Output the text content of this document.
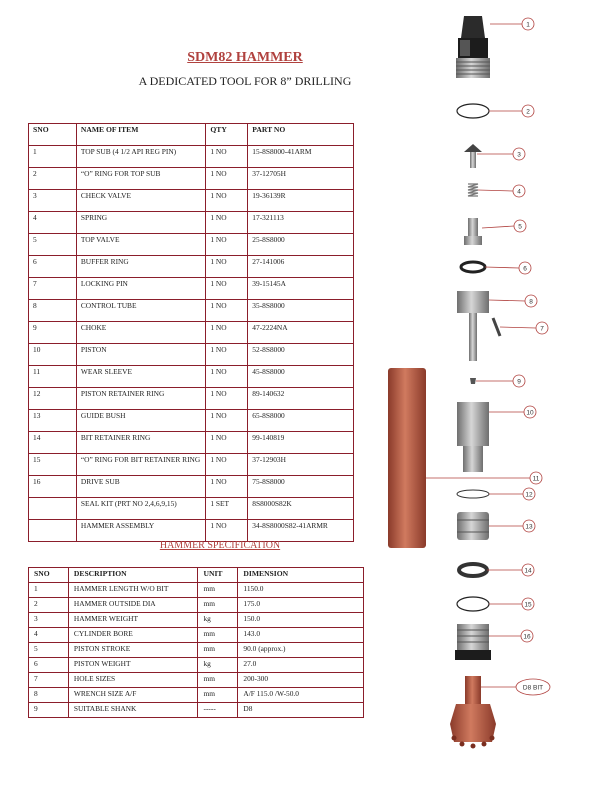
SDM82 HAMMER
A DEDICATED TOOL FOR 8” DRILLING
SNO	NAME OF ITEM	QTY	PART NO
1	TOP SUB (4 1/2 API REG PIN)	1 NO	15-8S8000-41ARM
2	“O” RING FOR TOP SUB	1 NO	37-12705H
3	CHECK VALVE	1 NO	19-36139R
4	SPRING	1 NO	17-321113
5	TOP VALVE	1 NO	25-8S8000
6	BUFFER RING	1 NO	27-141006
7	LOCKING PIN	1 NO	39-15145A
8	CONTROL TUBE	1 NO	35-8S8000
9	CHOKE	1 NO	47-2224NA
10	PISTON	1 NO	52-8S8000
11	WEAR SLEEVE	1 NO	45-8S8000
12	PISTON RETAINER RING	1 NO	89-140632
13	GUIDE BUSH	1 NO	65-8S8000
14	BIT RETAINER RING	1 NO	99-140819
15	“O” RING FOR BIT RETAINER RING	1 NO	37-12903H
16	DRIVE SUB	1 NO	75-8S8000
	SEAL KIT (PRT NO 2,4,6,9,15)	1 SET	8S8000S82K
	HAMMER ASSEMBLY	1 NO	34-8S8000S82-41ARMR
HAMMER SPECIFICATION
SNO	DESCRIPTION	UNIT	DIMENSION
1	HAMMER LENGTH W/O BIT	mm	1150.0
2	HAMMER OUTSIDE DIA	mm	175.0
3	HAMMER WEIGHT	kg	150.0
4	CYLINDER BORE	mm	143.0
5	PISTON STROKE	mm	90.0 (approx.)
6	PISTON WEIGHT	kg	27.0
7	HOLE SIZES	mm	200-300
8	WRENCH SIZE A/F	mm	A/F 115.0 /W-50.0
9	SUITABLE SHANK	-----	D8
1
2
3
4
5
6
7
8
9
10
11
12
13
14
15
16
D8 BIT
